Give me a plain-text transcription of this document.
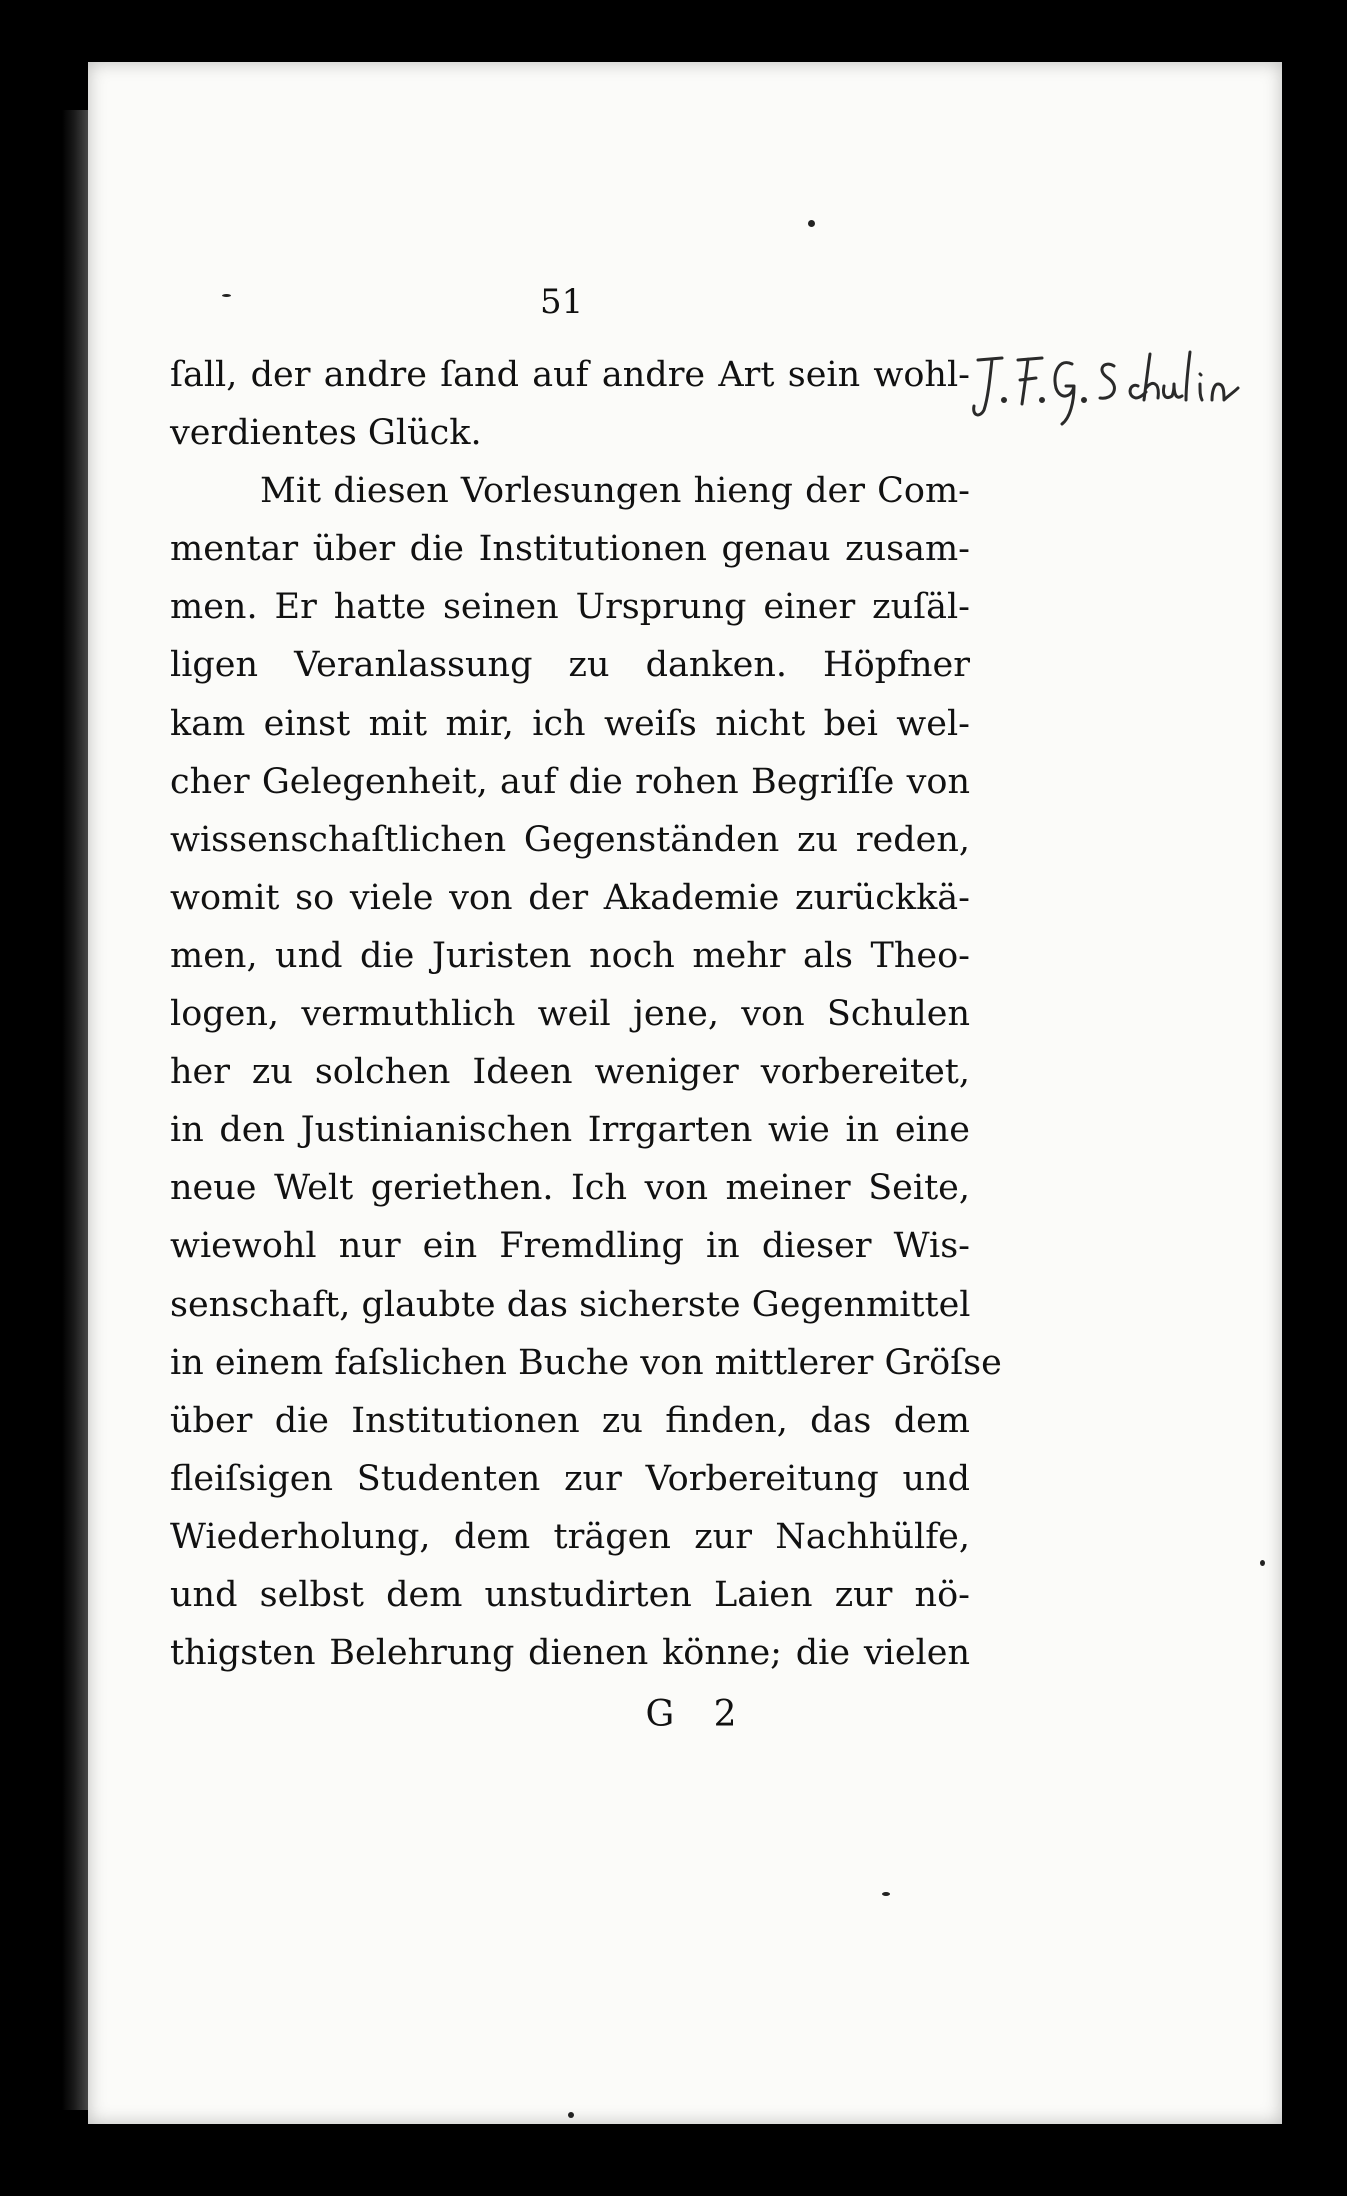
51
ſall, der andre ſand auf andre Art sein wohl-
verdientes Glück.
Mit diesen Vorlesungen hieng der Com-
mentar über die Institutionen genau zusam-
men. Er hatte seinen Ursprung einer zuſäl-
ligen Veranlassung zu danken. Höpfner
kam einst mit mir, ich weiſs nicht bei wel-
cher Gelegenheit, auf die rohen Begriſſe von
wissenschaſtlichen Gegenständen zu reden,
womit so viele von der Akademie zurückkä-
men, und die Juristen noch mehr als Theo-
logen, vermuthlich weil jene, von Schulen
her zu solchen Ideen weniger vorbereitet,
in den Justinianischen Irrgarten wie in eine
neue Welt geriethen. Ich von meiner Seite,
wiewohl nur ein Fremdling in dieser Wis-
senschaft, glaubte das sicherste Gegenmittel
in einem faſslichen Buche von mittlerer Gröſse
über die Institutionen zu finden, das dem
fleiſsigen Studenten zur Vorbereitung und
Wiederholung, dem trägen zur Nachhülfe,
und selbst dem unstudirten Laien zur nö-
thigsten Belehrung dienen könne; die vielen
G 2
